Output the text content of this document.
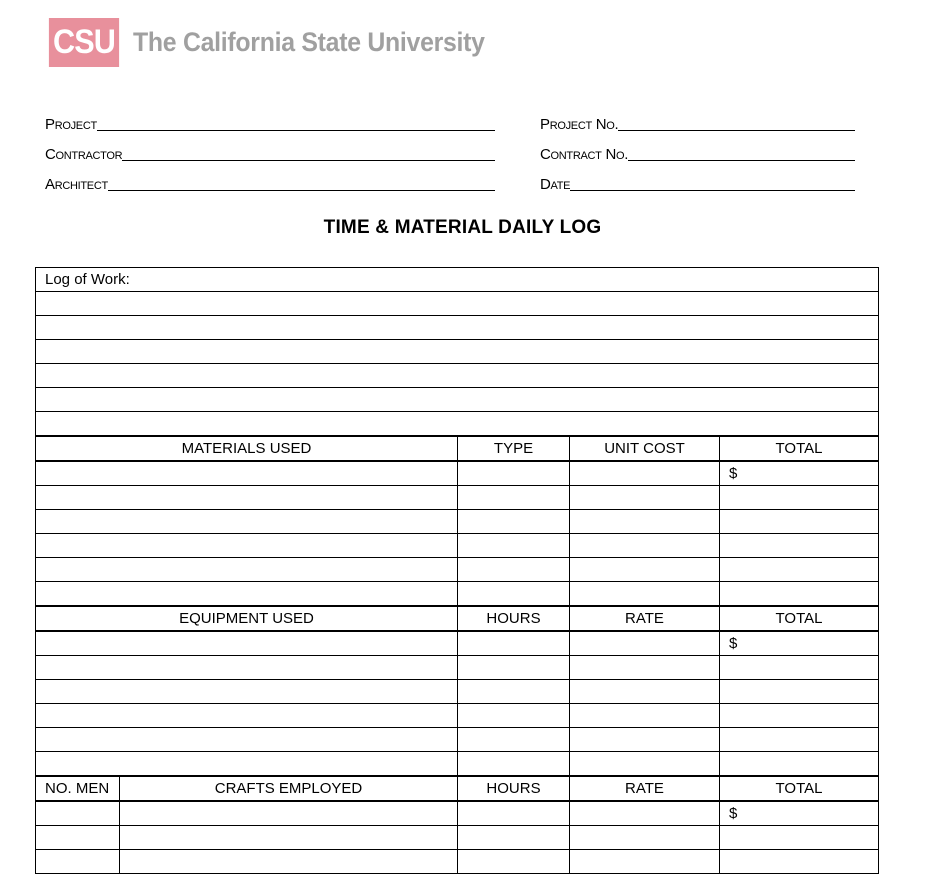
CSU The California State University
Project
Contractor
Architect
Project No.
Contract No.
Date
TIME & MATERIAL DAILY LOG
Log of Work:				

MATERIALS USED		TYPE	UNIT COST	TOTAL
				$

EQUIPMENT USED		HOURS	RATE	TOTAL
				$

NO. MEN	CRAFTS EMPLOYED	HOURS	RATE	TOTAL
				$
